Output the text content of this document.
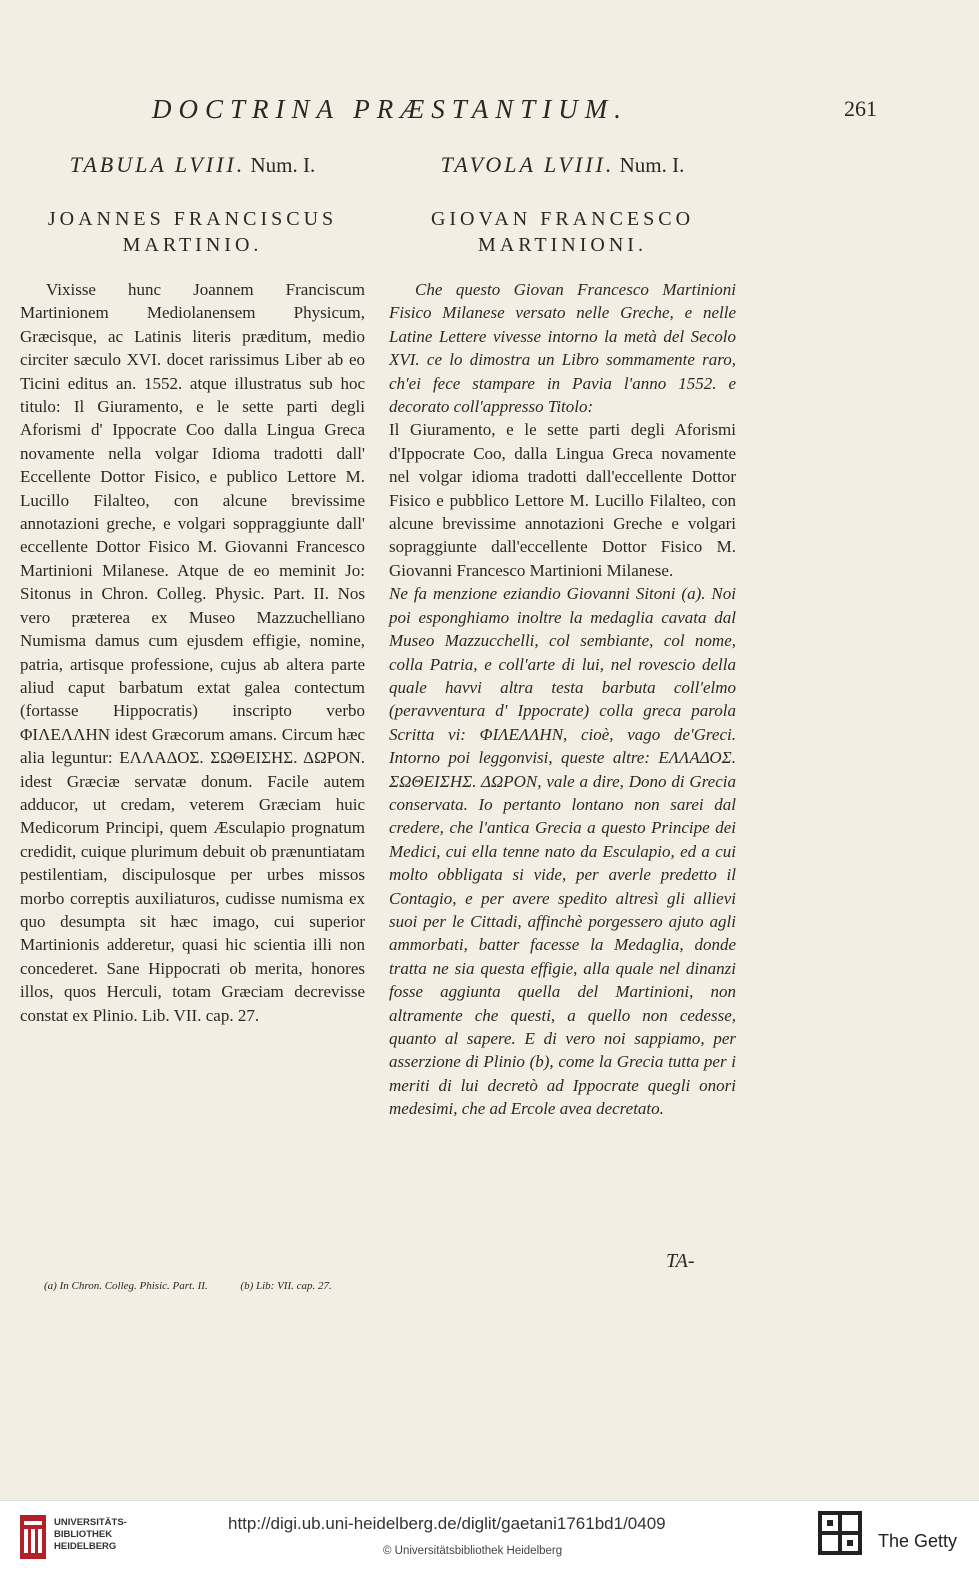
DOCTRINA PRÆSTANTIUM.	261
TABULA LVIII. Num. I.
JOANNES FRANCISCUS
MARTINIO.

Vixisse hunc Joannem Franciscum Martinionem Mediolanensem Physicum, Græcisque, ac Latinis literis præditum, medio circiter sæculo XVI. docet rarissimus Liber ab eo Ticini editus an. 1552. atque illustratus sub hoc titulo: Il Giuramento, e le sette parti degli Aforismi d' Ippocrate Coo dalla Lingua Greca novamente nella volgar Idioma tradotti dall' Eccellente Dottor Fisico, e publico Lettore M. Lucillo Filalteo, con alcune brevissime annotazioni greche, e volgari soppraggiunte dall' eccellente Dottor Fisico M. Giovanni Francesco Martinioni Milanese. Atque de eo meminit Jo: Sitonus in Chron. Colleg. Physic. Part. II. Nos vero præterea ex Museo Mazzuchelliano Numisma damus cum ejusdem effigie, nomine, patria, artisque professione, cujus ab altera parte aliud caput barbatum extat galea contectum (fortasse Hippocratis) inscripto verbo ΦΙΛΕΛΛΗΝ idest Græcorum amans. Circum hæc alia leguntur: ΕΛΛΑΔΟΣ. ΣΩΘΕΙΣΗΣ. ΔΩΡΟΝ. idest Græciæ servatæ donum. Facile autem adducor, ut credam, veterem Græciam huic Medicorum Principi, quem Æsculapio prognatum credidit, cuique plurimum debuit ob prænuntiatam pestilentiam, discipulosque per urbes missos morbo correptis auxiliaturos, cudisse numisma ex quo desumpta sit hæc imago, cui superior Martinionis adderetur, quasi hic scientia illi non concederet. Sane Hippocrati ob merita, honores illos, quos Herculi, totam Græciam decrevisse constat ex Plinio. Lib. VII. cap. 27.

TAVOLA LVIII. Num. I.
GIOVAN FRANCESCO
MARTINIONI.

Che questo Giovan Francesco Martinioni Fisico Milanese versato nelle Greche, e nelle Latine Lettere vivesse intorno la metà del Secolo XVI. ce lo dimostra un Libro sommamente raro, ch'ei fece stampare in Pavia l'anno 1552. e decorato coll'appresso Titolo:

Il Giuramento, e le sette parti degli Aforismi d'Ippocrate Coo, dalla Lingua Greca novamente nel volgar idioma tradotti dall'eccellente Dottor Fisico e pubblico Lettore M. Lucillo Filalteo, con alcune brevissime annotazioni Greche e volgari sopraggiunte dall'eccellente Dottor Fisico M. Giovanni Francesco Martinioni Milanese.

Ne fa menzione eziandio Giovanni Sitoni (a). Noi poi esponghiamo inoltre la medaglia cavata dal Museo Mazzucchelli, col sembiante, col nome, colla Patria, e coll'arte di lui, nel rovescio della quale havvi altra testa barbuta coll'elmo (peravventura d' Ippocrate) colla greca parola Scritta vi: ΦΙΛΕΛΛΗΝ, cioè, vago de'Greci. Intorno poi leggonvisi, queste altre: ΕΛΛΑΔΟΣ. ΣΩΘΕΙΣΗΣ. ΔΩΡΟΝ, vale a dire, Dono di Grecia conservata. Io pertanto lontano non sarei dal credere, che l'antica Grecia a questo Principe dei Medici, cui ella tenne nato da Esculapio, ed a cui molto obbligata si vide, per averle predetto il Contagio, e per avere spedito altresì gli allievi suoi per le Cittadi, affinchè porgessero ajuto agli ammorbati, batter facesse la Medaglia, donde tratta ne sia questa effigie, alla quale nel dinanzi fosse aggiunta quella del Martinioni, non altramente che questi, a quello non cedesse, quanto al sapere. E di vero noi sappiamo, per asserzione di Plinio (b), come la Grecia tutta per i meriti di lui decretò ad Ippocrate quegli onori medesimi, che ad Ercole avea decretato.

TA-
(a) In Chron. Colleg. Phisic. Part. II.	(b) Lib: VII. cap. 27.
UNIVERSITÄTS-
BIBLIOTHEK
HEIDELBERG
http://digi.ub.uni-heidelberg.de/diglit/gaetani1761bd1/0409
© Universitätsbibliothek Heidelberg	The Getty
